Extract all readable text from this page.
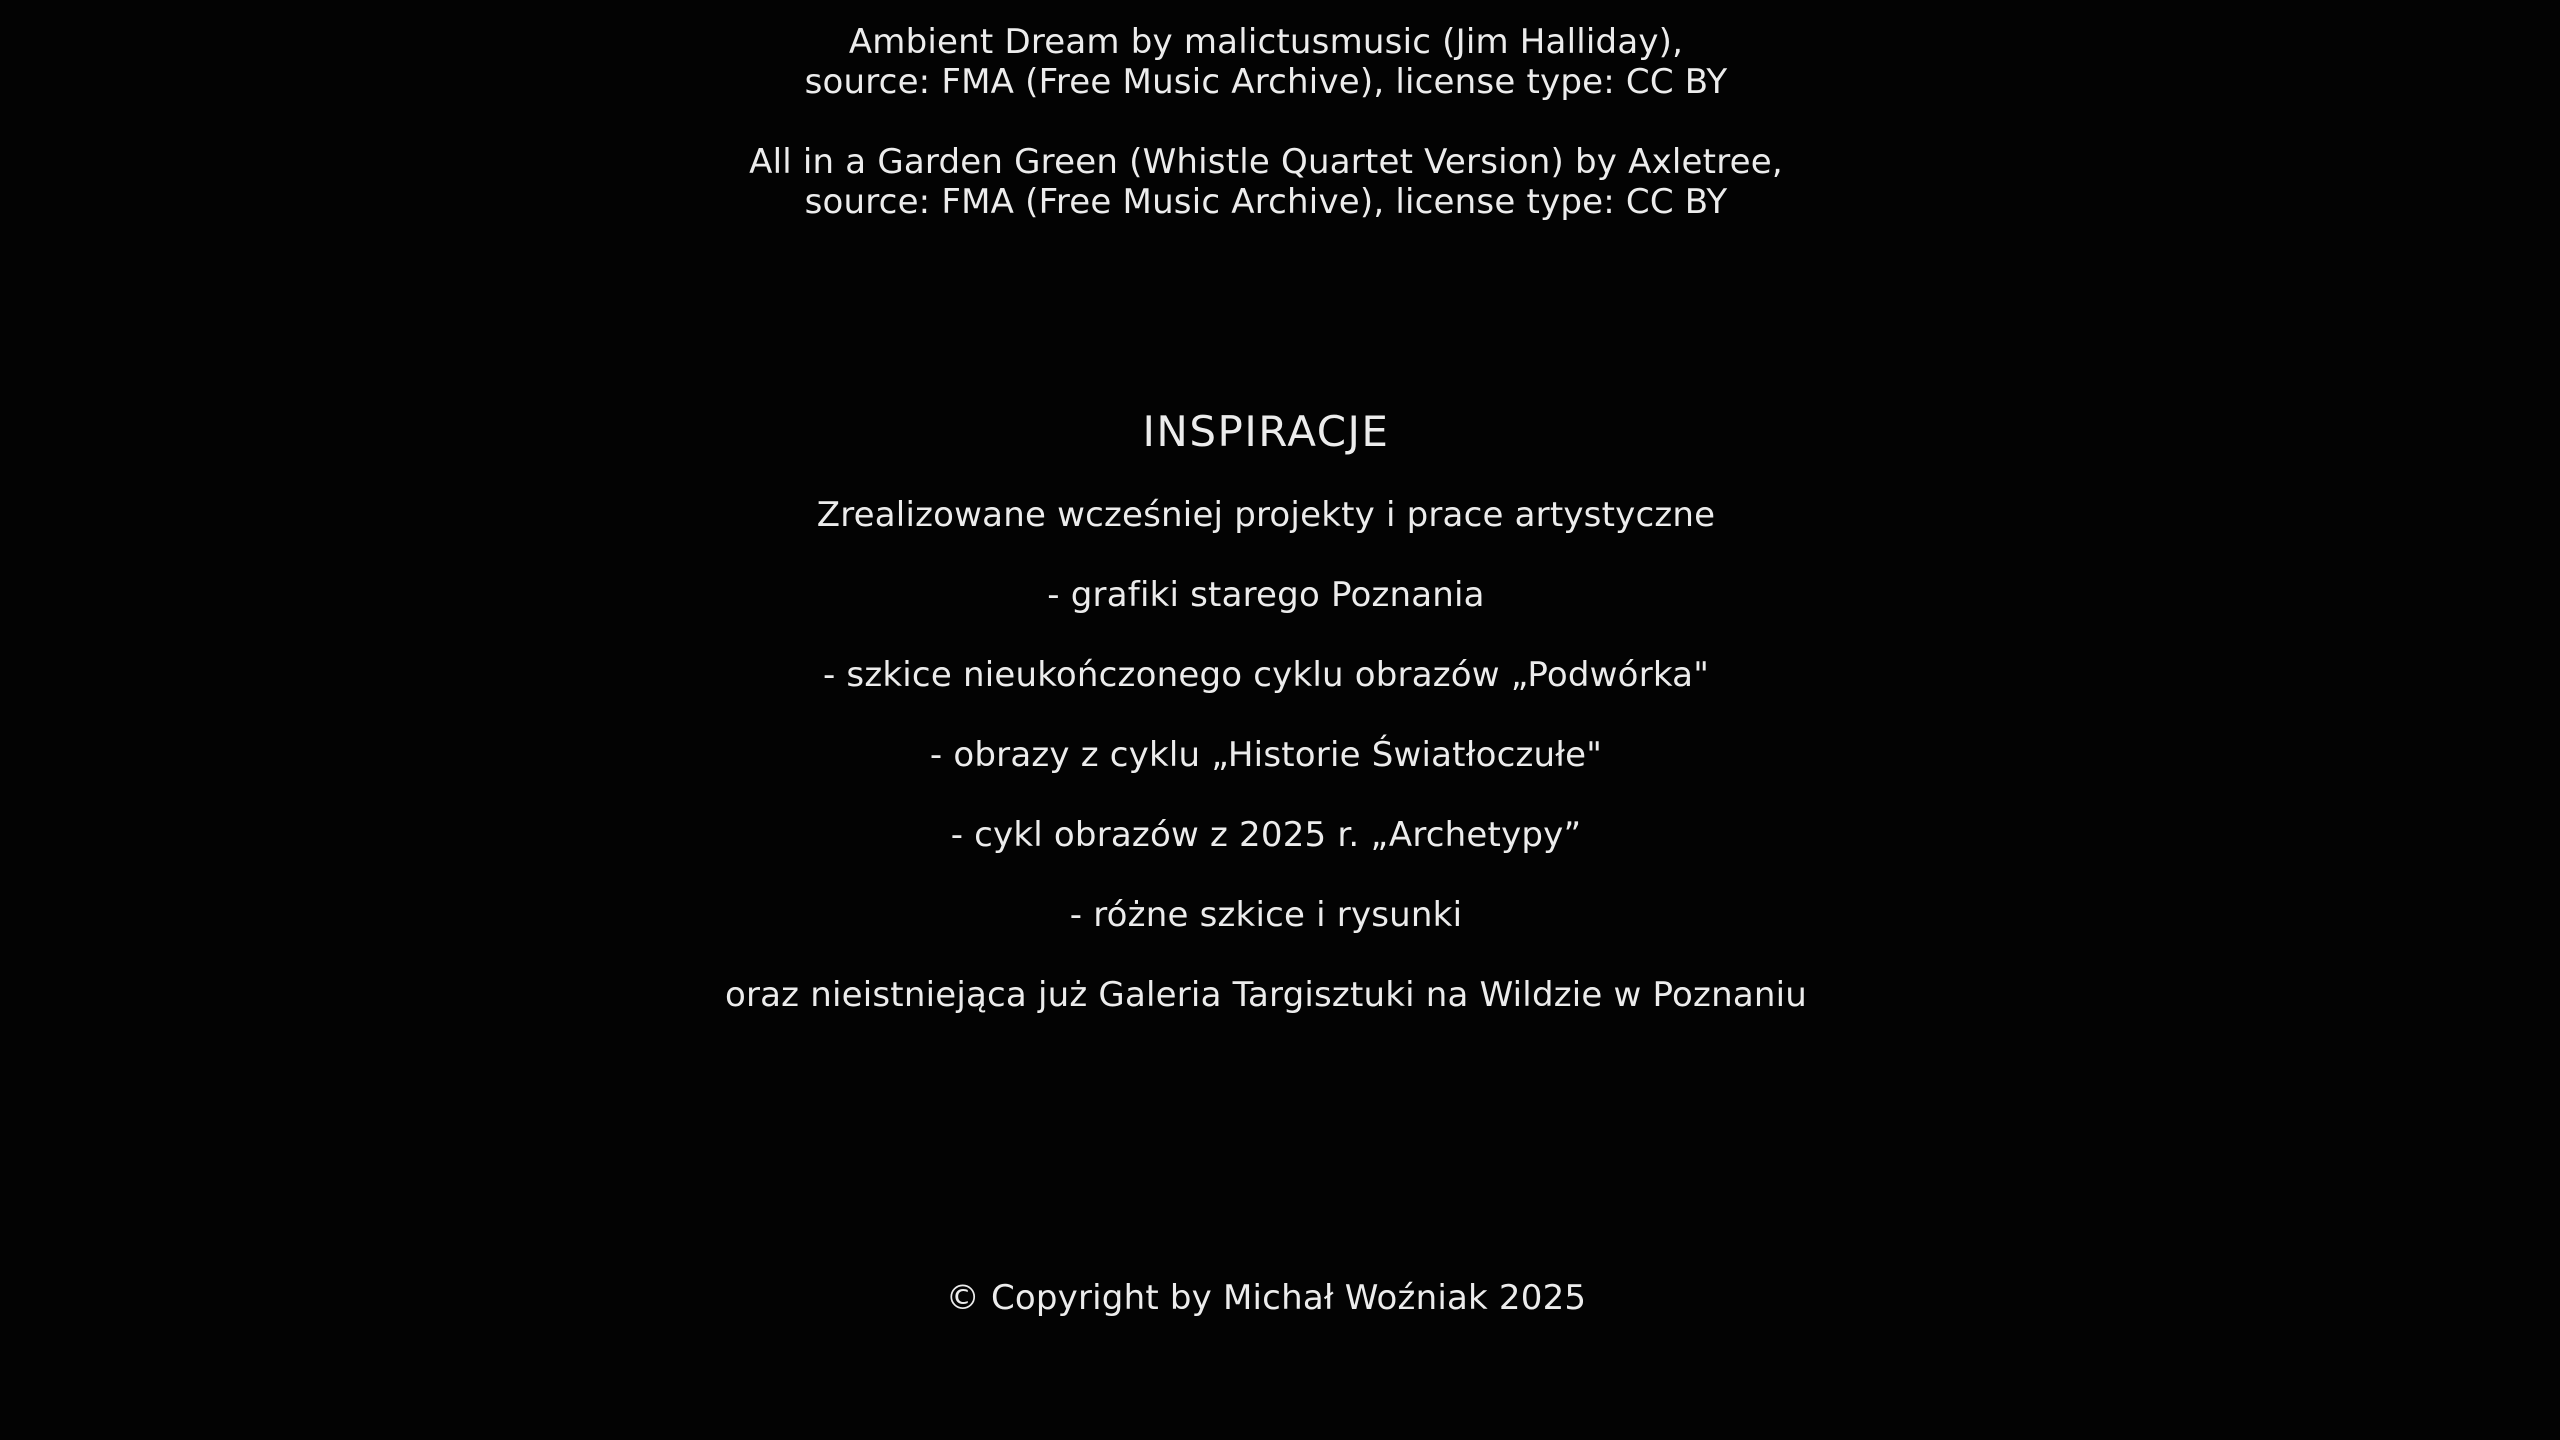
Ambient Dream by malictusmusic (Jim Halliday),
source: FMA (Free Music Archive), license type: CC BY
All in a Garden Green (Whistle Quartet Version) by Axletree,
source: FMA (Free Music Archive), license type: CC BY
INSPIRACJE
Zrealizowane wcześniej projekty i prace artystyczne
- grafiki starego Poznania
- szkice nieukończonego cyklu obrazów „Podwórka"
- obrazy z cyklu „Historie Światłoczułe"
- cykl obrazów z 2025 r. „Archetypy”
- różne szkice i rysunki
oraz nieistniejąca już Galeria Targisztuki na Wildzie w Poznaniu
© Copyright by Michał Woźniak 2025
